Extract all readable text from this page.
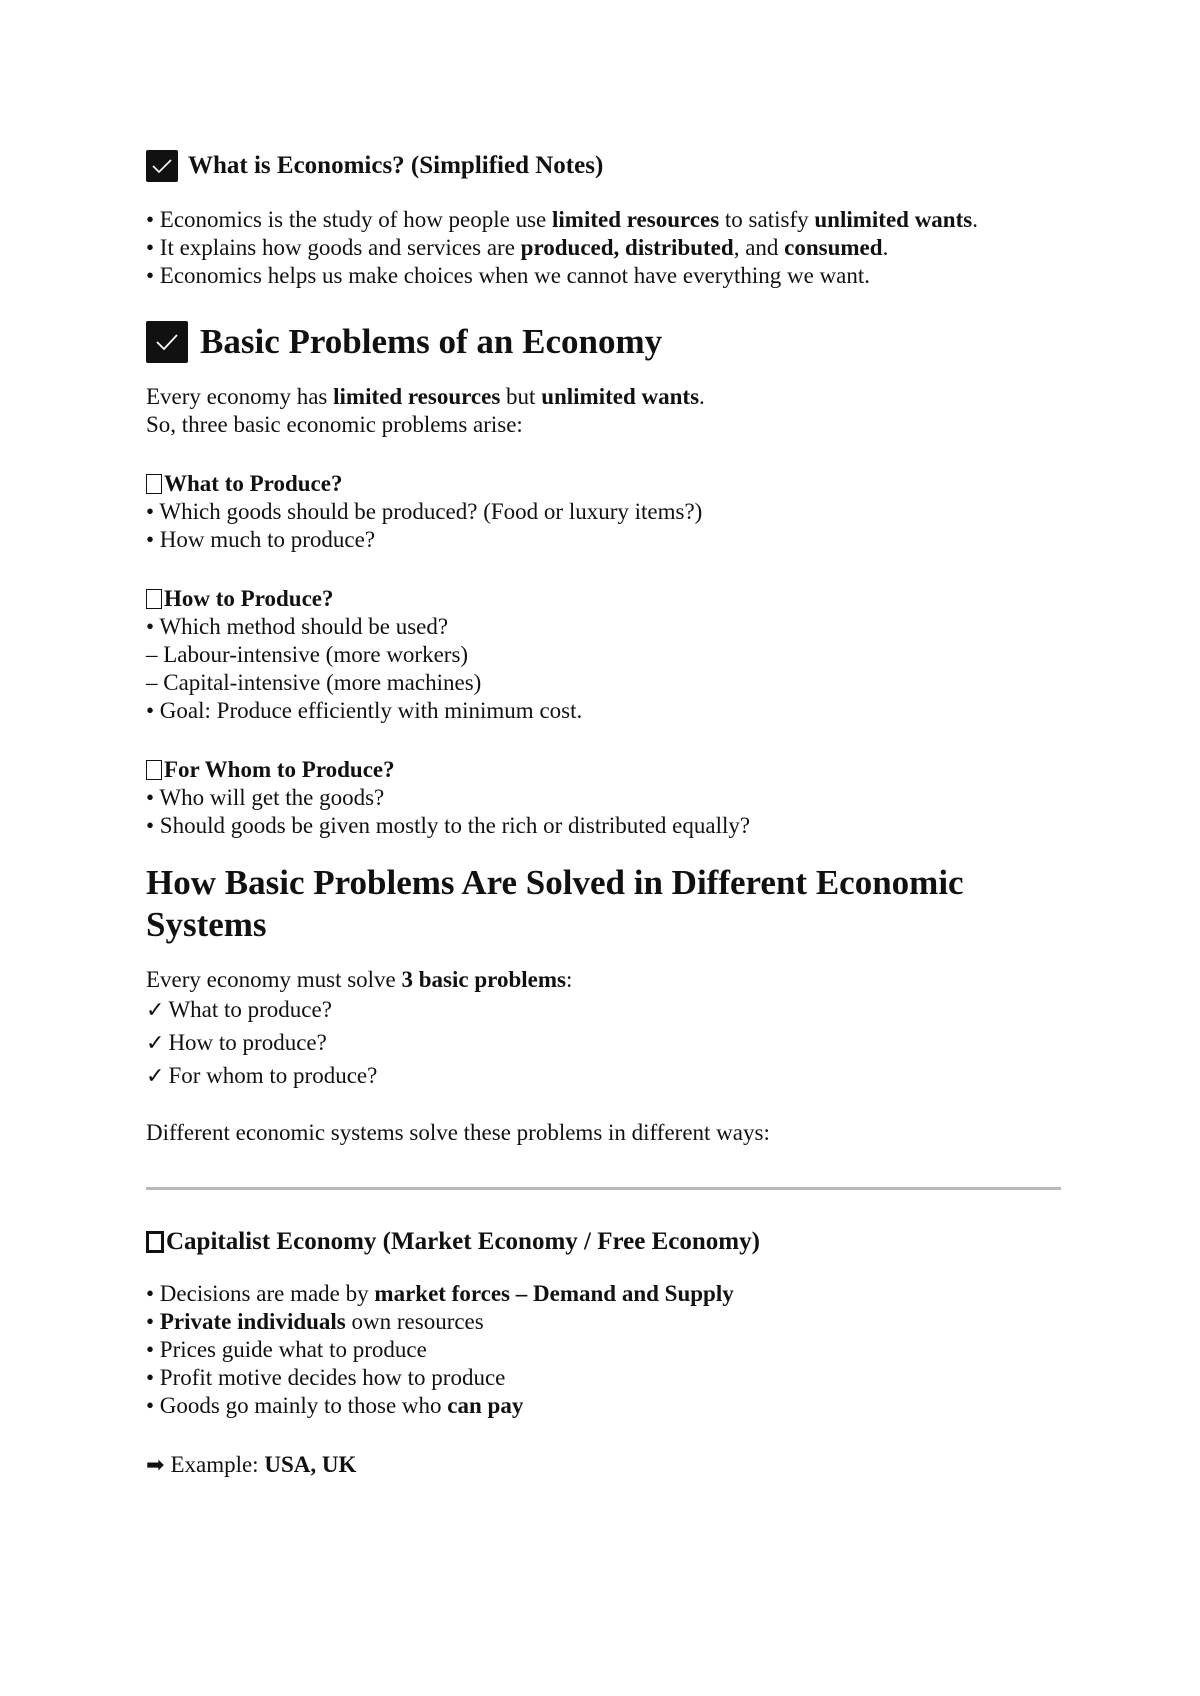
What is Economics? (Simplified Notes)
• Economics is the study of how people use limited resources to satisfy unlimited wants.
• It explains how goods and services are produced, distributed, and consumed.
• Economics helps us make choices when we cannot have everything we want.
Basic Problems of an Economy
Every economy has limited resources but unlimited wants.
So, three basic economic problems arise:
What to Produce?
• Which goods should be produced? (Food or luxury items?)
• How much to produce?
How to Produce?
• Which method should be used?
– Labour-intensive (more workers)
– Capital-intensive (more machines)
• Goal: Produce efficiently with minimum cost.
For Whom to Produce?
• Who will get the goods?
• Should goods be given mostly to the rich or distributed equally?
How Basic Problems Are Solved in Different Economic Systems
Every economy must solve 3 basic problems:
✓ What to produce?
✓ How to produce?
✓ For whom to produce?
Different economic systems solve these problems in different ways:
Capitalist Economy (Market Economy / Free Economy)
• Decisions are made by market forces – Demand and Supply
• Private individuals own resources
• Prices guide what to produce
• Profit motive decides how to produce
• Goods go mainly to those who can pay
➡ Example: USA, UK
